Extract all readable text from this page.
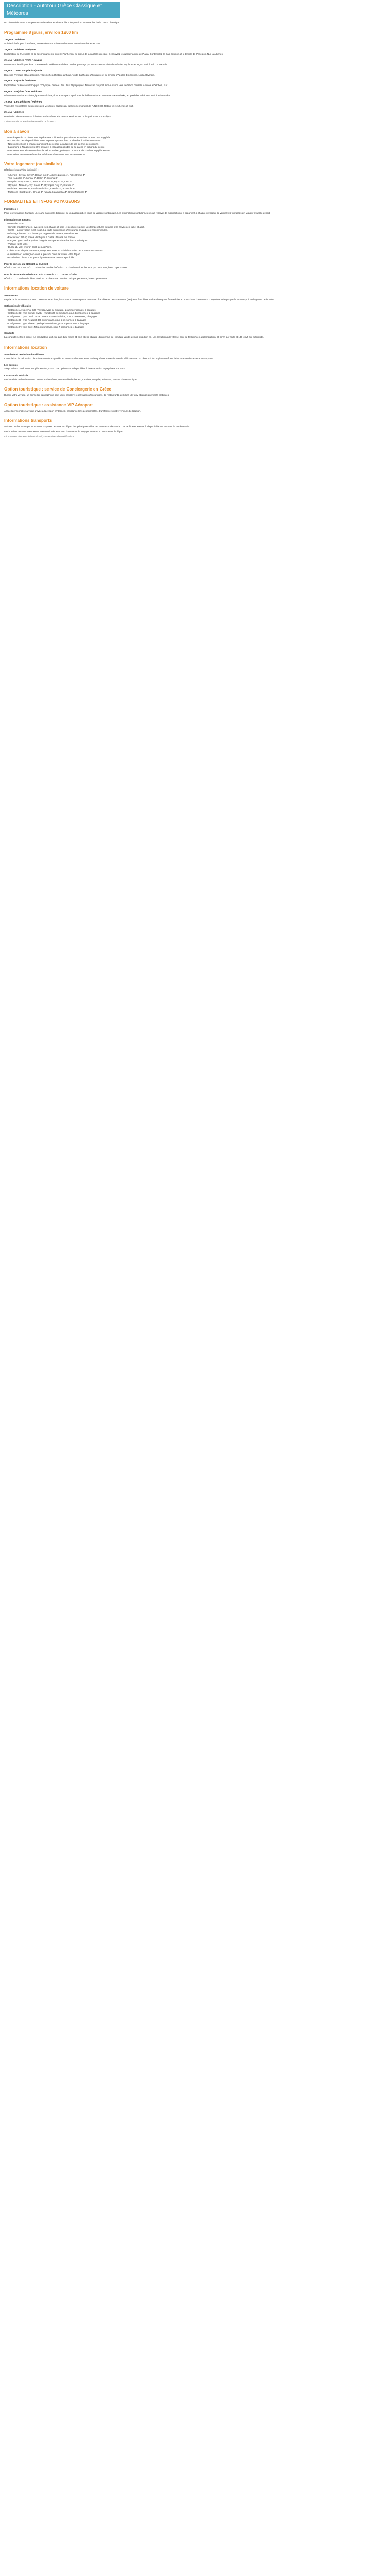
Description - Autotour Grèce Classique et Météores

Un circuit éducateur vous permettra de visiter les sites et lieux les plus incontournables de la Grèce Classique.

Programme 8 jours, environ 1200 km
1er jour : Athènes

Arrivée à l'aéroport d'Athènes, remise de votre voiture de location. Direction Athènes et nuit.

2e jour : Athènes - Delphes

Exploration de l'Acropole et de ses monuments, dont le Parthénon, au cœur de la capitale grecque. Découvrez le quartier animé de Plaka. Contemplez le Cap Sounion et le temple de Poséidon. Nuit à Athènes.

3e jour : Athènes / Tolo / Nauplie

Partez vers le Péloponnèse. Traversée du célèbre canal de Corinthe, passage par les anciennes cités de Némée, Mycènes et Argos. Nuit à Tolo ou Nauplie.

4e jour : Tolo / Nauplie / Olympie

Direction l'Arcadie et Mégalopolis, villes riches d'histoire antique. Visite du théâtre d'Épidaure et du temple d'Apollon Epicourios. Nuit à Olympie.

5e jour : Olympie / Delphes

Exploration du site archéologique d'Olympie, berceau des Jeux Olympiques. Traversée du pont Rion-Antirion vers la Grèce centrale. Arrivée à Delphes, nuit.

6e jour : Delphes / Les Météores

Découverte du site archéologique de Delphes, dont le temple d'Apollon et le théâtre antique. Route vers Kalambaka, au pied des Météores. Nuit à Kalambaka.

7e jour : Les Météores / Athènes

Visite des monastères suspendus des Météores, classés au patrimoine mondial de l'UNESCO. Retour vers Athènes et nuit.

8e jour : Athènes

Restitution de votre voiture à l'aéroport d'Athènes. Fin de nos services ou prolongation de votre séjour.

* Sites inscrits au Patrimoine Mondial de l'Unesco.

Bon à savoir
• Les étapes de ce circuit sont impératives. L'itinéraire quotidien et les visites ne sont que suggérés.
• En fonction des disponibilités, votre logement pourra être proche des localités suivantes.
• Nous conseillons à chaque participant de vérifier la validité de son permis de conduire.
• La parking à Nauplie peut être payant ; il est aussi possible de se garer en dehors du centre.
• Les routes sont sinueuses dans le Péloponnèse ; prévoyez un temps de conduite supplémentaire.
• Les visites des monastères des Météores nécessitent une tenue correcte.
Votre logement (ou similaire)

Hôtels prévus (d'hôte indicatifs) :

• Athènes : Crystal City 3*, Dorian Inn 3*, Athens Zafolia 4*, Polis Grand 4*
• Tolo : Apollon 3*, Minoa 3*, Dolfin 3*, Sophia 3*
• Nauplie : Amymone 3*, Park 3*, Victoria 3*, Byron 3*, Leto 3*
• Olympie : Neda 3*, Arty Grand 4*, Olympion Asty 4*, Europa 4*
• Delphes : Hermes 3*, Amalia Delphi 4*, Kastalia 3*, Acropole 3*
• Météores : Kastraki 3*, Orfeas 3*, Amalia Kalambaka 4*, Grand Meteora 4*
FORMALITES ET INFOS VOYAGEURS
Formalités :

Pour les voyageurs français, une carte nationale d'identité ou un passeport en cours de validité sont requis. Les informations sont données sous réserve de modifications. Il appartient à chaque voyageur de vérifier les formalités en vigueur avant le départ.

Informations pratiques :
• Monnaie : Euro
• Climat : méditerranéen, avec des étés chauds et secs et des hivers doux. Les températures peuvent être élevées en juillet et août.
• Santé : aucun vaccin n'est exigé. La carte européenne d'assurance maladie est recommandée.
• Décalage horaire : + 1 heure par rapport à la France, toute l'année.
• Électricité : 220 V, prises identiques à celles utilisées en France.
• Langue : grec. Le français et l'anglais sont parlés dans les lieux touristiques.
• Voltage : 220 volts
• Durée du vol : environ 3h30 depuis Paris.
• Téléphone : depuis la France, composez le 00 30 suivi du numéro de votre correspondant.
• Ambassade : renseignez-vous auprès du consulat avant votre départ.
• Pourboires : ils ne sont pas obligatoires mais restent appréciés.
Pour la période du 01/04/23 au 31/10/23

Hôtel 3* du 01/04 au 31/10 : 1 chambre double / Hôtel 4* : 3 chambres doubles. Prix par personne, base 2 personnes.

Pour la période du 01/11/23 au 31/03/24 et du 01/11/24 au 31/12/24

Hôtel 3* : 1 chambre double / Hôtel 4* : 3 chambres doubles. Prix par personne, base 2 personnes.

Informations location de voiture
Assurances

Le prix de la location comprend l'assurance au tiers, l'assurance dommages (CDW) avec franchise et l'assurance vol (TP) avec franchise. La franchise peut être réduite en souscrivant l'assurance complémentaire proposée au comptoir de l'agence de location.

Catégories de véhicules
• Catégorie A : type Fiat 500 / Toyota Aygo ou similaire, pour 2 personnes, 2 bagages
• Catégorie B : type Suzuki Swift / Hyundai i20 ou similaire, pour 4 personnes, 2 bagages
• Catégorie C : type Opel Corsa / Seat Ibiza ou similaire, pour 4 personnes, 3 bagages
• Catégorie D : type Peugeot 308 ou similaire, pour 5 personnes, 3 bagages
• Catégorie E : type Nissan Qashqai ou similaire, pour 5 personnes, 4 bagages
• Catégorie F : type Opel Zafira ou similaire, pour 7 personnes, 4 bagages
Conduite

La conduite se fait à droite. Le conducteur doit être âgé d'au moins 21 ans et être titulaire d'un permis de conduire valide depuis plus d'un an. Les limitations de vitesse sont de 50 km/h en agglomération, 90 km/h sur route et 130 km/h sur autoroute.

Informations location
Annulation / restitution du véhicule

L'annulation de la location de voiture doit être signalée au moins 48 heures avant la date prévue. La restitution du véhicule avec un réservoir incomplet entraînera la facturation du carburant manquant.

Les options

Siège enfant, conducteur supplémentaire, GPS : ces options sont disponibles à la réservation et payables sur place.

Livraison du véhicule

Les localités de livraison sont : aéroport d'Athènes, centre-ville d'Athènes, Le Pirée, Nauplie, Kalamata, Patras, Thessalonique.

Option touristique : service de Conciergerie en Grèce

Durant votre voyage, un conseiller francophone peut vous assister : réservations d'excursions, de restaurants, de billets de ferry et renseignements pratiques.

Option touristique : assistance VIP Aéroport

Accueil personnalisé à votre arrivée à l'aéroport d'Athènes, assistance lors des formalités, transfert vers votre véhicule de location.

Informations transports

Vols non inclus. Nous pouvons vous proposer des vols au départ des principales villes de France sur demande. Les tarifs sont soumis à disponibilité au moment de la réservation.

Les horaires des vols vous seront communiqués avec vos documents de voyage, environ 10 jours avant le départ.

Informations données à titre indicatif, susceptibles de modifications.
